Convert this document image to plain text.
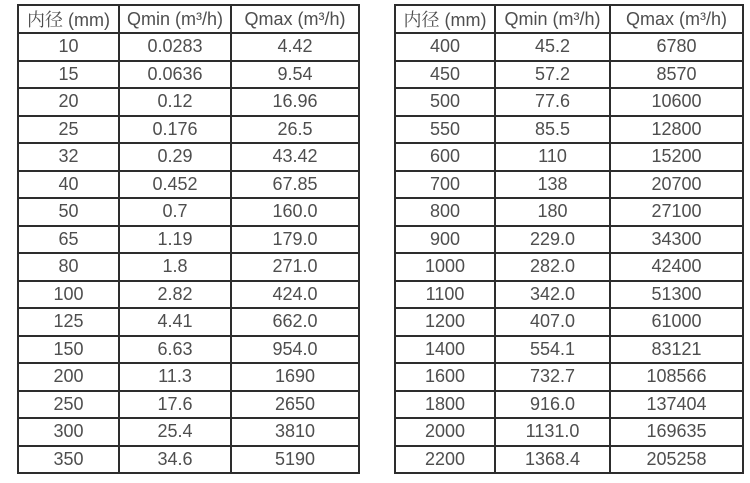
内径 (mm)	Qmin (m³/h)	Qmax (m³/h)
10	0.0283	4.42
15	0.0636	9.54
20	0.12	16.96
25	0.176	26.5
32	0.29	43.42
40	0.452	67.85
50	0.7	160.0
65	1.19	179.0
80	1.8	271.0
100	2.82	424.0
125	4.41	662.0
150	6.63	954.0
200	11.3	1690
250	17.6	2650
300	25.4	3810
350	34.6	5190
内径 (mm)	Qmin (m³/h)	Qmax (m³/h)
400	45.2	6780
450	57.2	8570
500	77.6	10600
550	85.5	12800
600	110	15200
700	138	20700
800	180	27100
900	229.0	34300
1000	282.0	42400
1100	342.0	51300
1200	407.0	61000
1400	554.1	83121
1600	732.7	108566
1800	916.0	137404
2000	1131.0	169635
2200	1368.4	205258
